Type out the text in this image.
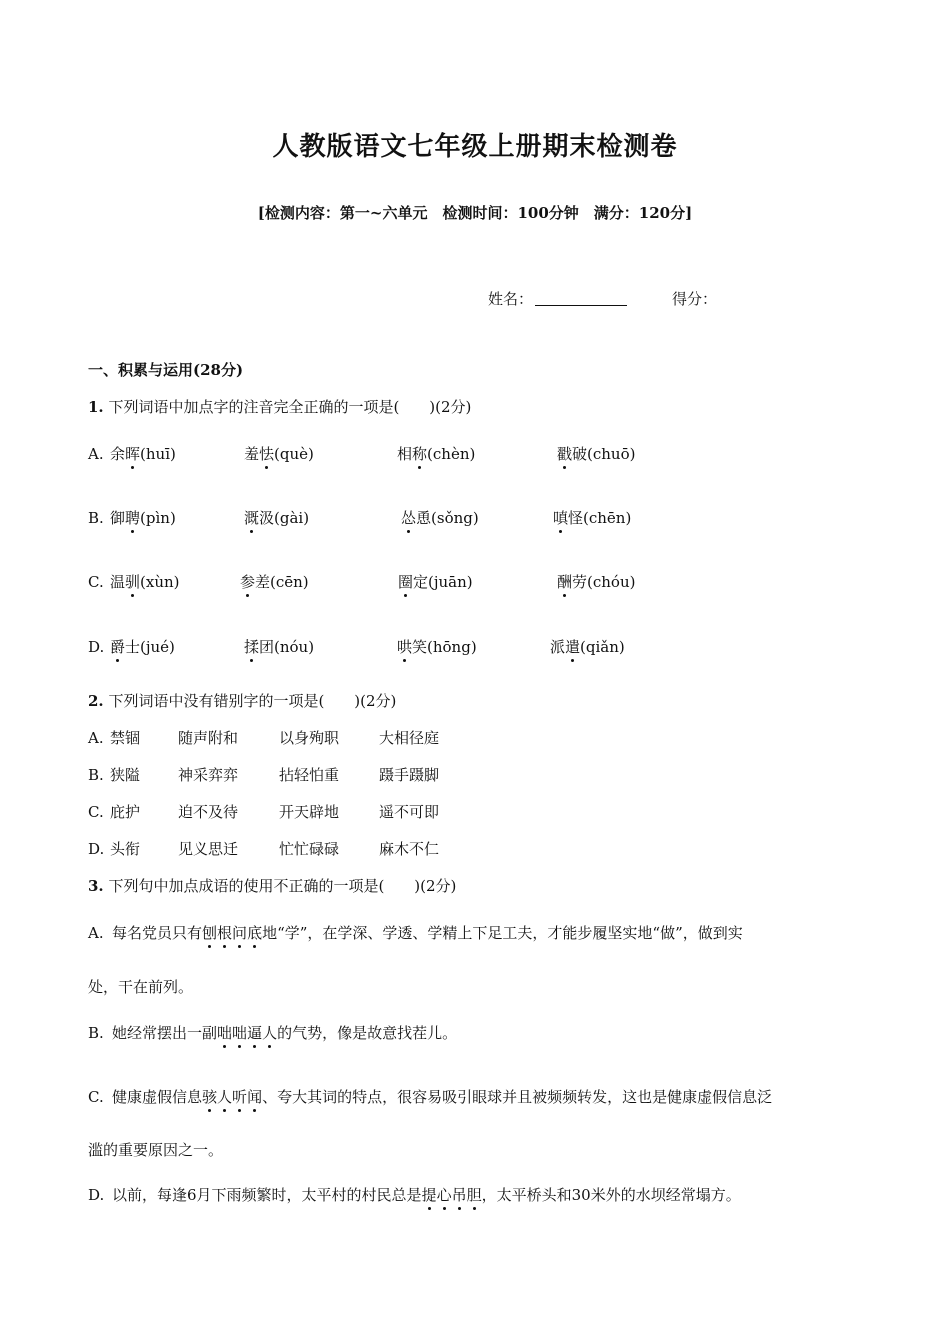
人教版语文七年级上册期末检测卷
[检测内容：第一~六单元　检测时间：100分钟　满分：120分]
姓名：	得分：
一、积累与运用(28分)
1. 下列词语中加点字的注音完全正确的一项是(　　)(2分)
A. 余晖(huī)	羞怯(què)	相称(chèn)	戳破(chuō)
B. 御聘(pìn)	溉汲(gài)	怂恿(sǒng)	嗔怪(chēn)
C. 温驯(xùn)	参差(cēn)	圈定(juān)	酬劳(chóu)
D. 爵士(jué)	揉团(nóu)	哄笑(hōng)	派遣(qiǎn)
2. 下列词语中没有错别字的一项是(　　)(2分)
A. 禁锢	随声附和	以身殉职	大相径庭
B. 狭隘	神采弈弈	拈轻怕重	蹑手蹑脚
C. 庇护	迫不及待	开天辟地	遥不可即
D. 头衔	见义思迁	忙忙碌碌	麻木不仁
3. 下列句中加点成语的使用不正确的一项是(　　)(2分)
A. 每名党员只有刨根问底地“学”，在学深、学透、学精上下足工夫，才能步履坚实地“做”，做到实
处，干在前列。
B. 她经常摆出一副咄咄逼人的气势，像是故意找茬儿。
C. 健康虚假信息骇人听闻、夸大其词的特点，很容易吸引眼球并且被频频转发，这也是健康虚假信息泛
滥的重要原因之一。
D. 以前，每逢6月下雨频繁时，太平村的村民总是提心吊胆，太平桥头和30米外的水坝经常塌方。
